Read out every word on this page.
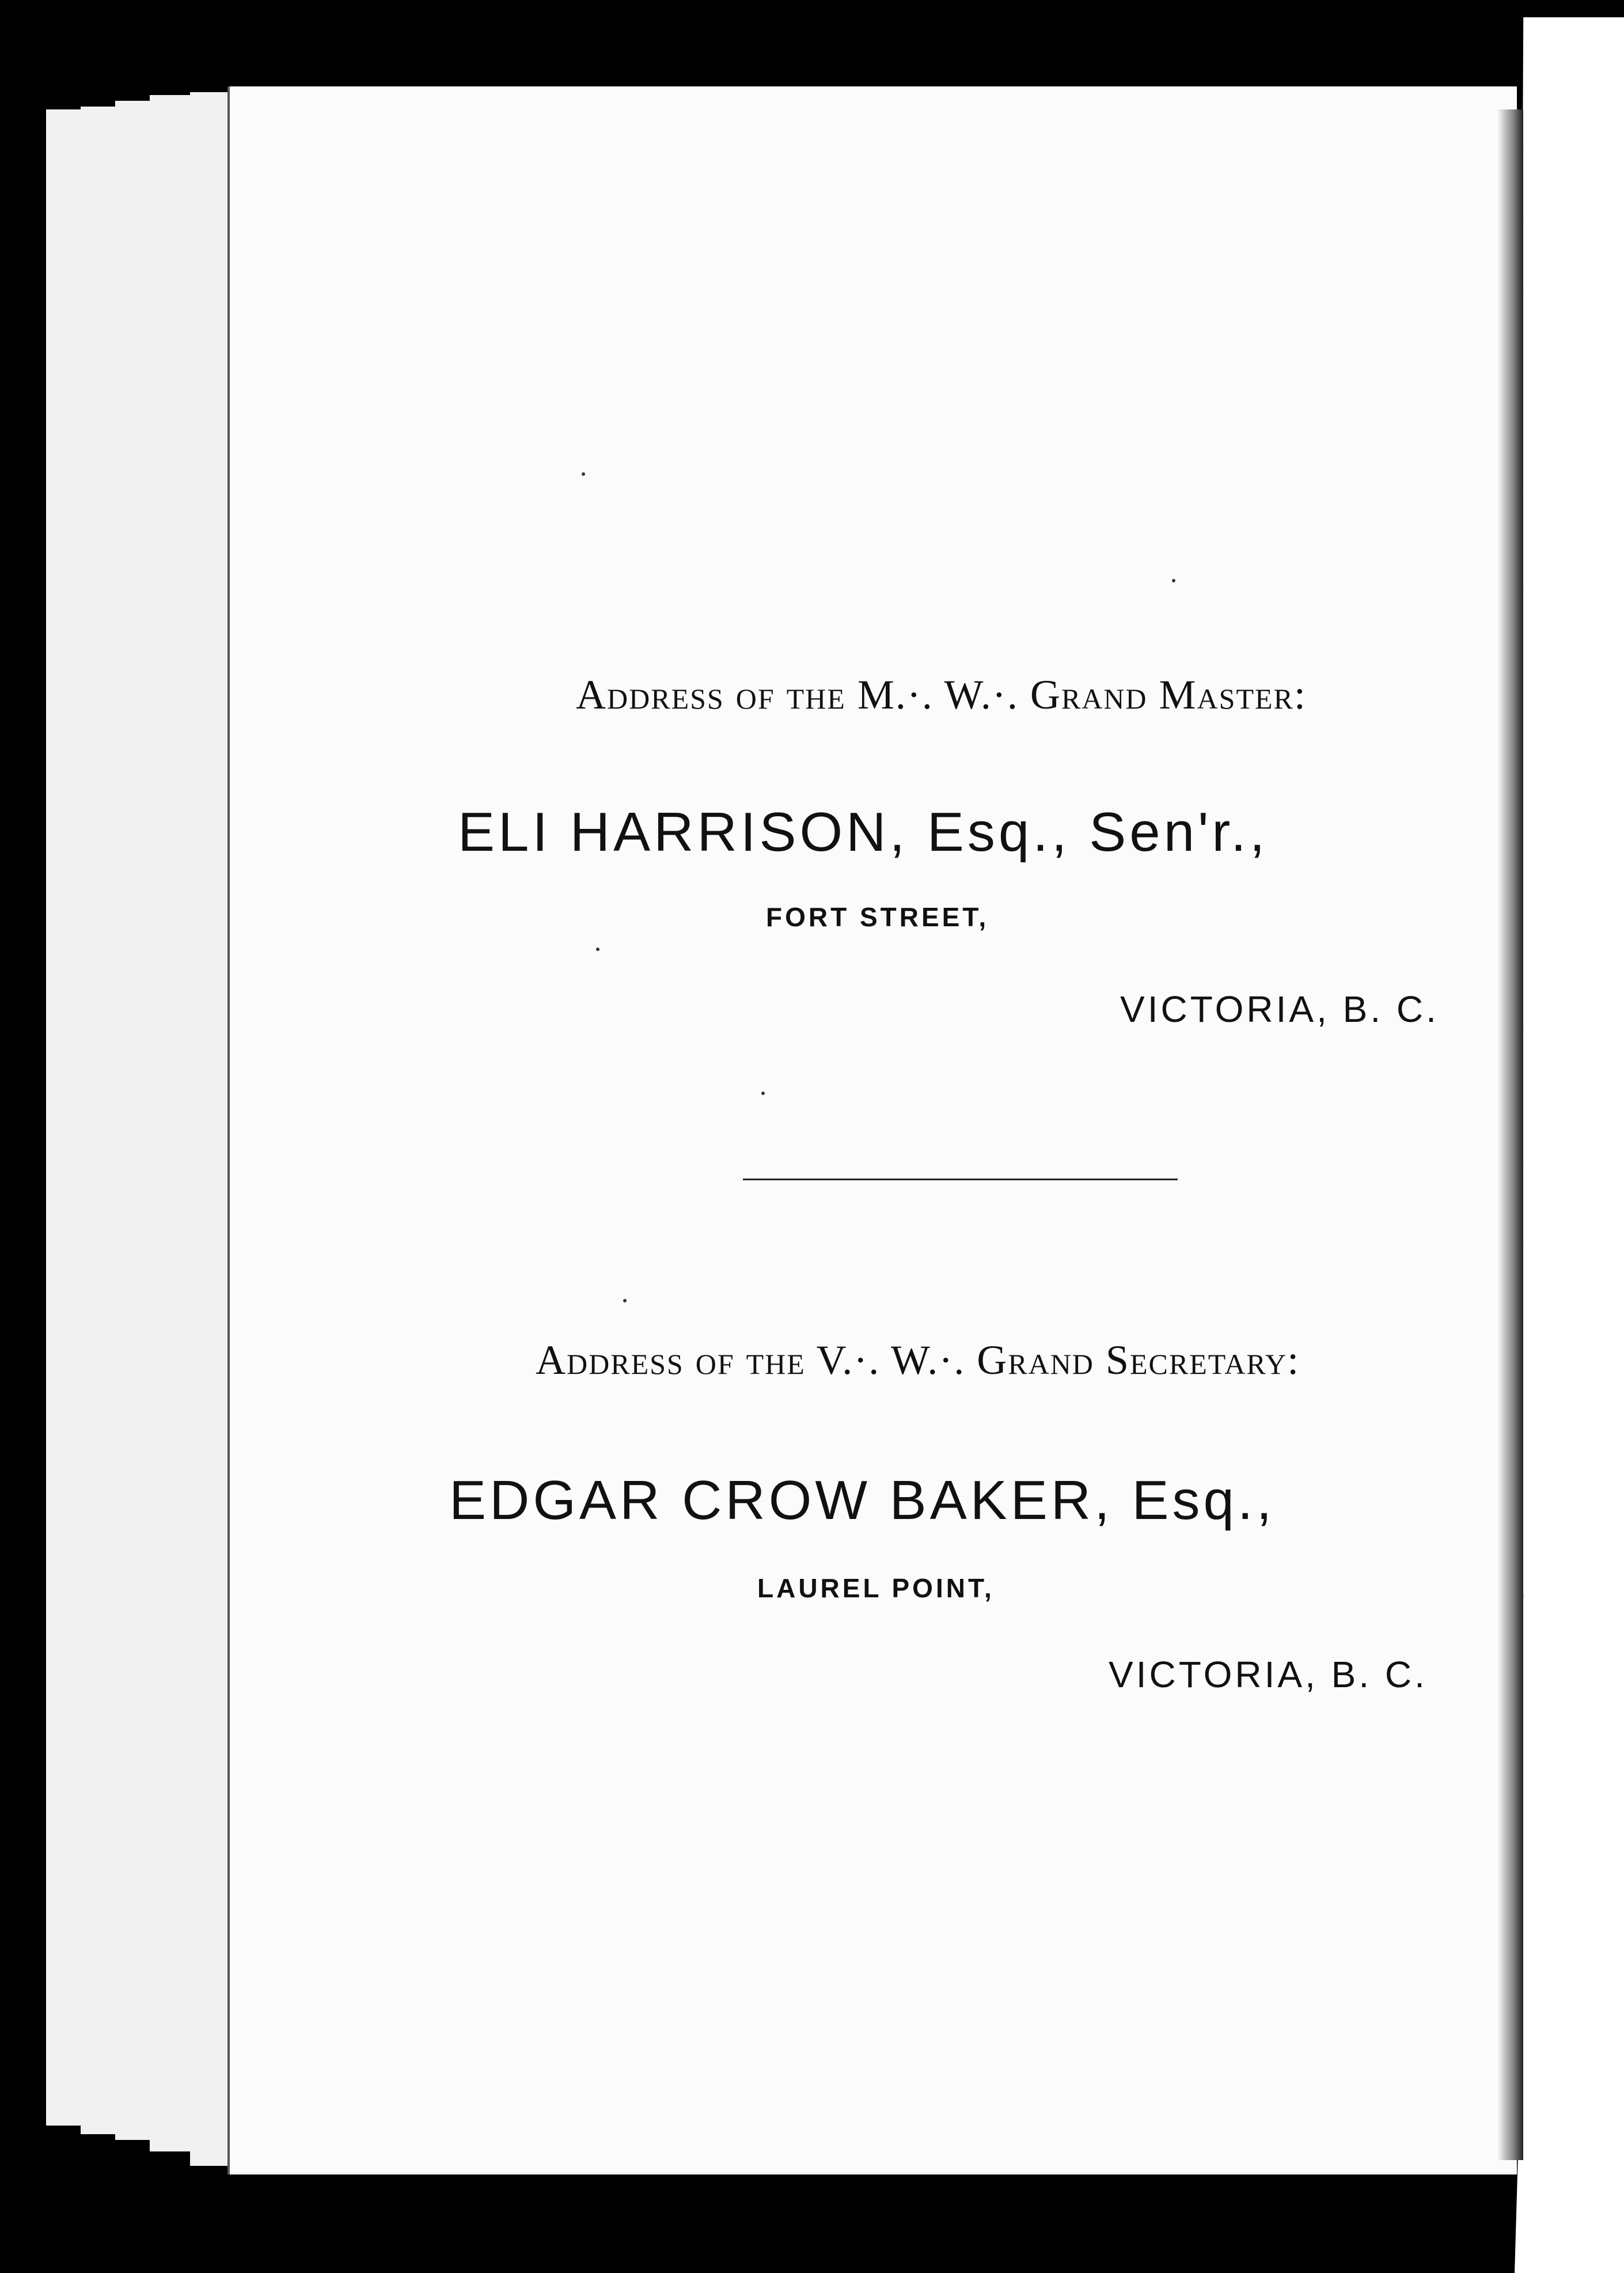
Address of the M.·. W.·. Grand Master:
ELI HARRISON, Esq., Sen'r.,
FORT STREET,
VICTORIA, B. C.
Address of the V.·. W.·. Grand Secretary:
EDGAR CROW BAKER, Esq.,
LAUREL POINT,
VICTORIA, B. C.
